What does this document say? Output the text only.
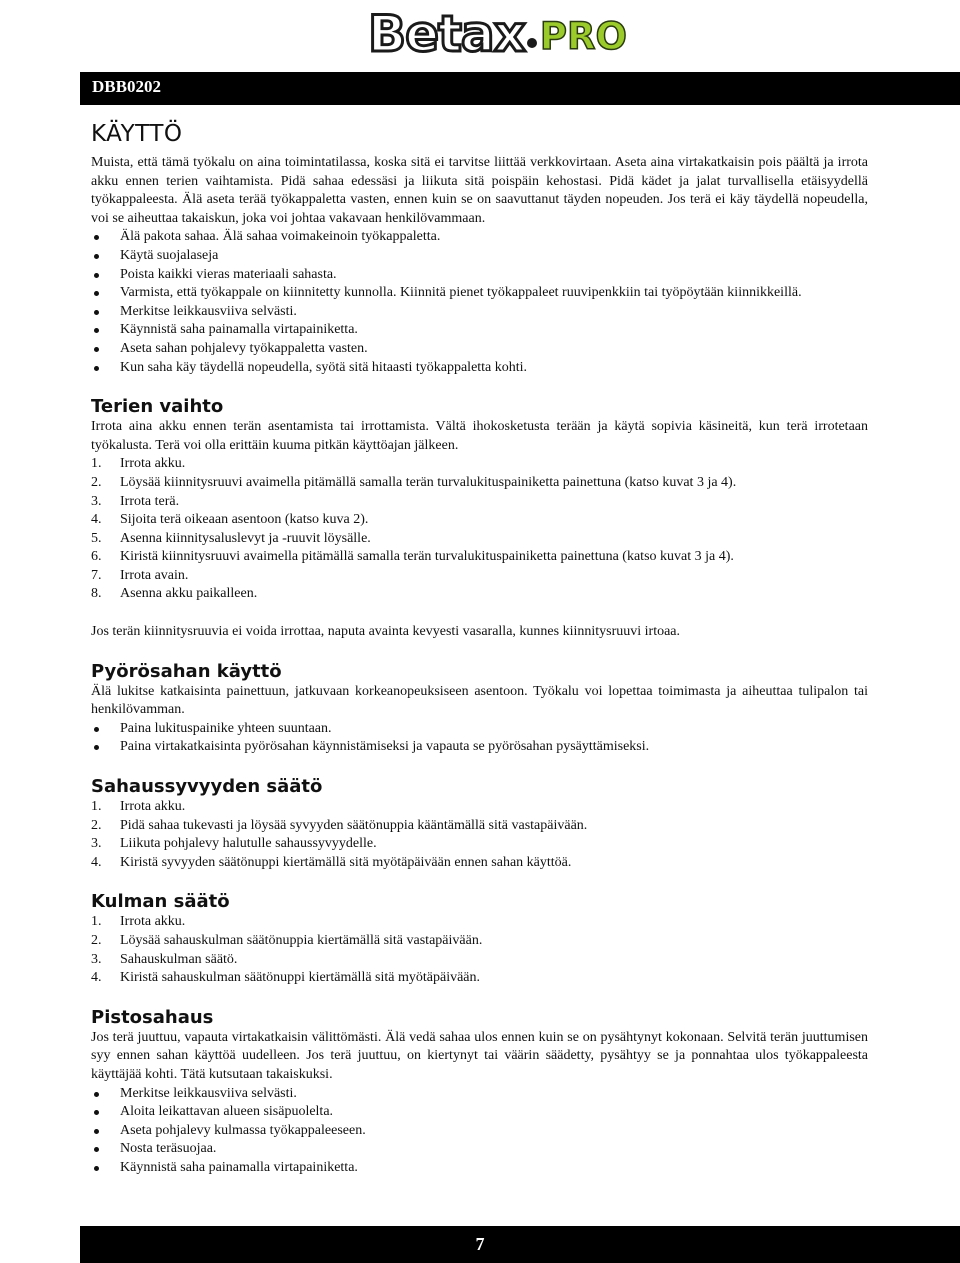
Betax PRO
DBB0202
KÄYTTÖ

Muista, että tämä työkalu on aina toimintatilassa, koska sitä ei tarvitse liittää verkkovirtaan. Aseta aina virtakatkaisin pois päältä ja irrota akku ennen terien vaihtamista. Pidä sahaa edessäsi ja liikuta sitä poispäin kehostasi. Pidä kädet ja jalat turvallisella etäisyydellä työkappaleesta. Älä aseta terää työkappaletta vasten, ennen kuin se on saavuttanut täyden nopeuden. Jos terä ei käy täydellä nopeudella, voi se aiheuttaa takaiskun, joka voi johtaa vakavaan henkilövammaan.

Älä pakota sahaa. Älä sahaa voimakeinoin työkappaletta.
Käytä suojalaseja
Poista kaikki vieras materiaali sahasta.
Varmista, että työkappale on kiinnitetty kunnolla. Kiinnitä pienet työkappaleet ruuvipenkkiin tai työpöytään kiinnikkeillä.
Merkitse leikkausviiva selvästi.
Käynnistä saha painamalla virtapainiketta.
Aseta sahan pohjalevy työkappaletta vasten.
Kun saha käy täydellä nopeudella, syötä sitä hitaasti työkappaletta kohti.
Terien vaihto

Irrota aina akku ennen terän asentamista tai irrottamista. Vältä ihokosketusta terään ja käytä sopivia käsineitä, kun terä irrotetaan työkalusta. Terä voi olla erittäin kuuma pitkän käyttöajan jälkeen.

1.	Irrota akku.
2.	Löysää kiinnitysruuvi avaimella pitämällä samalla terän turvalukituspainiketta painettuna (katso kuvat 3 ja 4).
3.	Irrota terä.
4.	Sijoita terä oikeaan asentoon (katso kuva 2).
5.	Asenna kiinnitysaluslevyt ja -ruuvit löysälle.
6.	Kiristä kiinnitysruuvi avaimella pitämällä samalla terän turvalukituspainiketta painettuna (katso kuvat 3 ja 4).
7.	Irrota avain.
8.	Asenna akku paikalleen.

Jos terän kiinnitysruuvia ei voida irrottaa, naputa avainta kevyesti vasaralla, kunnes kiinnitysruuvi irtoaa.

Pyörösahan käyttö

Älä lukitse katkaisinta painettuun, jatkuvaan korkeanopeuksiseen asentoon. Työkalu voi lopettaa toimimasta ja aiheuttaa tulipalon tai henkilövamman.

Paina lukituspainike yhteen suuntaan.
Paina virtakatkaisinta pyörösahan käynnistämiseksi ja vapauta se pyörösahan pysäyttämiseksi.
Sahaussyvyyden säätö
1.	Irrota akku.
2.	Pidä sahaa tukevasti ja löysää syvyyden säätönuppia kääntämällä sitä vastapäivään.
3.	Liikuta pohjalevy halutulle sahaussyvyydelle.
4.	Kiristä syvyyden säätönuppi kiertämällä sitä myötäpäivään ennen sahan käyttöä.
Kulman säätö
1.	Irrota akku.
2.	Löysää sahauskulman säätönuppia kiertämällä sitä vastapäivään.
3.	Sahauskulman säätö.
4.	Kiristä sahauskulman säätönuppi kiertämällä sitä myötäpäivään.
Pistosahaus

Jos terä juuttuu, vapauta virtakatkaisin välittömästi. Älä vedä sahaa ulos ennen kuin se on pysähtynyt kokonaan. Selvitä terän juuttumisen syy ennen sahan käyttöä uudelleen. Jos terä juuttuu, on kiertynyt tai väärin säädetty, pysähtyy se ja ponnahtaa ulos työkappaleesta käyttäjää kohti. Tätä kutsutaan takaiskuksi.

Merkitse leikkausviiva selvästi.
Aloita leikattavan alueen sisäpuolelta.
Aseta pohjalevy kulmassa työkappaleeseen.
Nosta teräsuojaa.
Käynnistä saha painamalla virtapainiketta.
7
